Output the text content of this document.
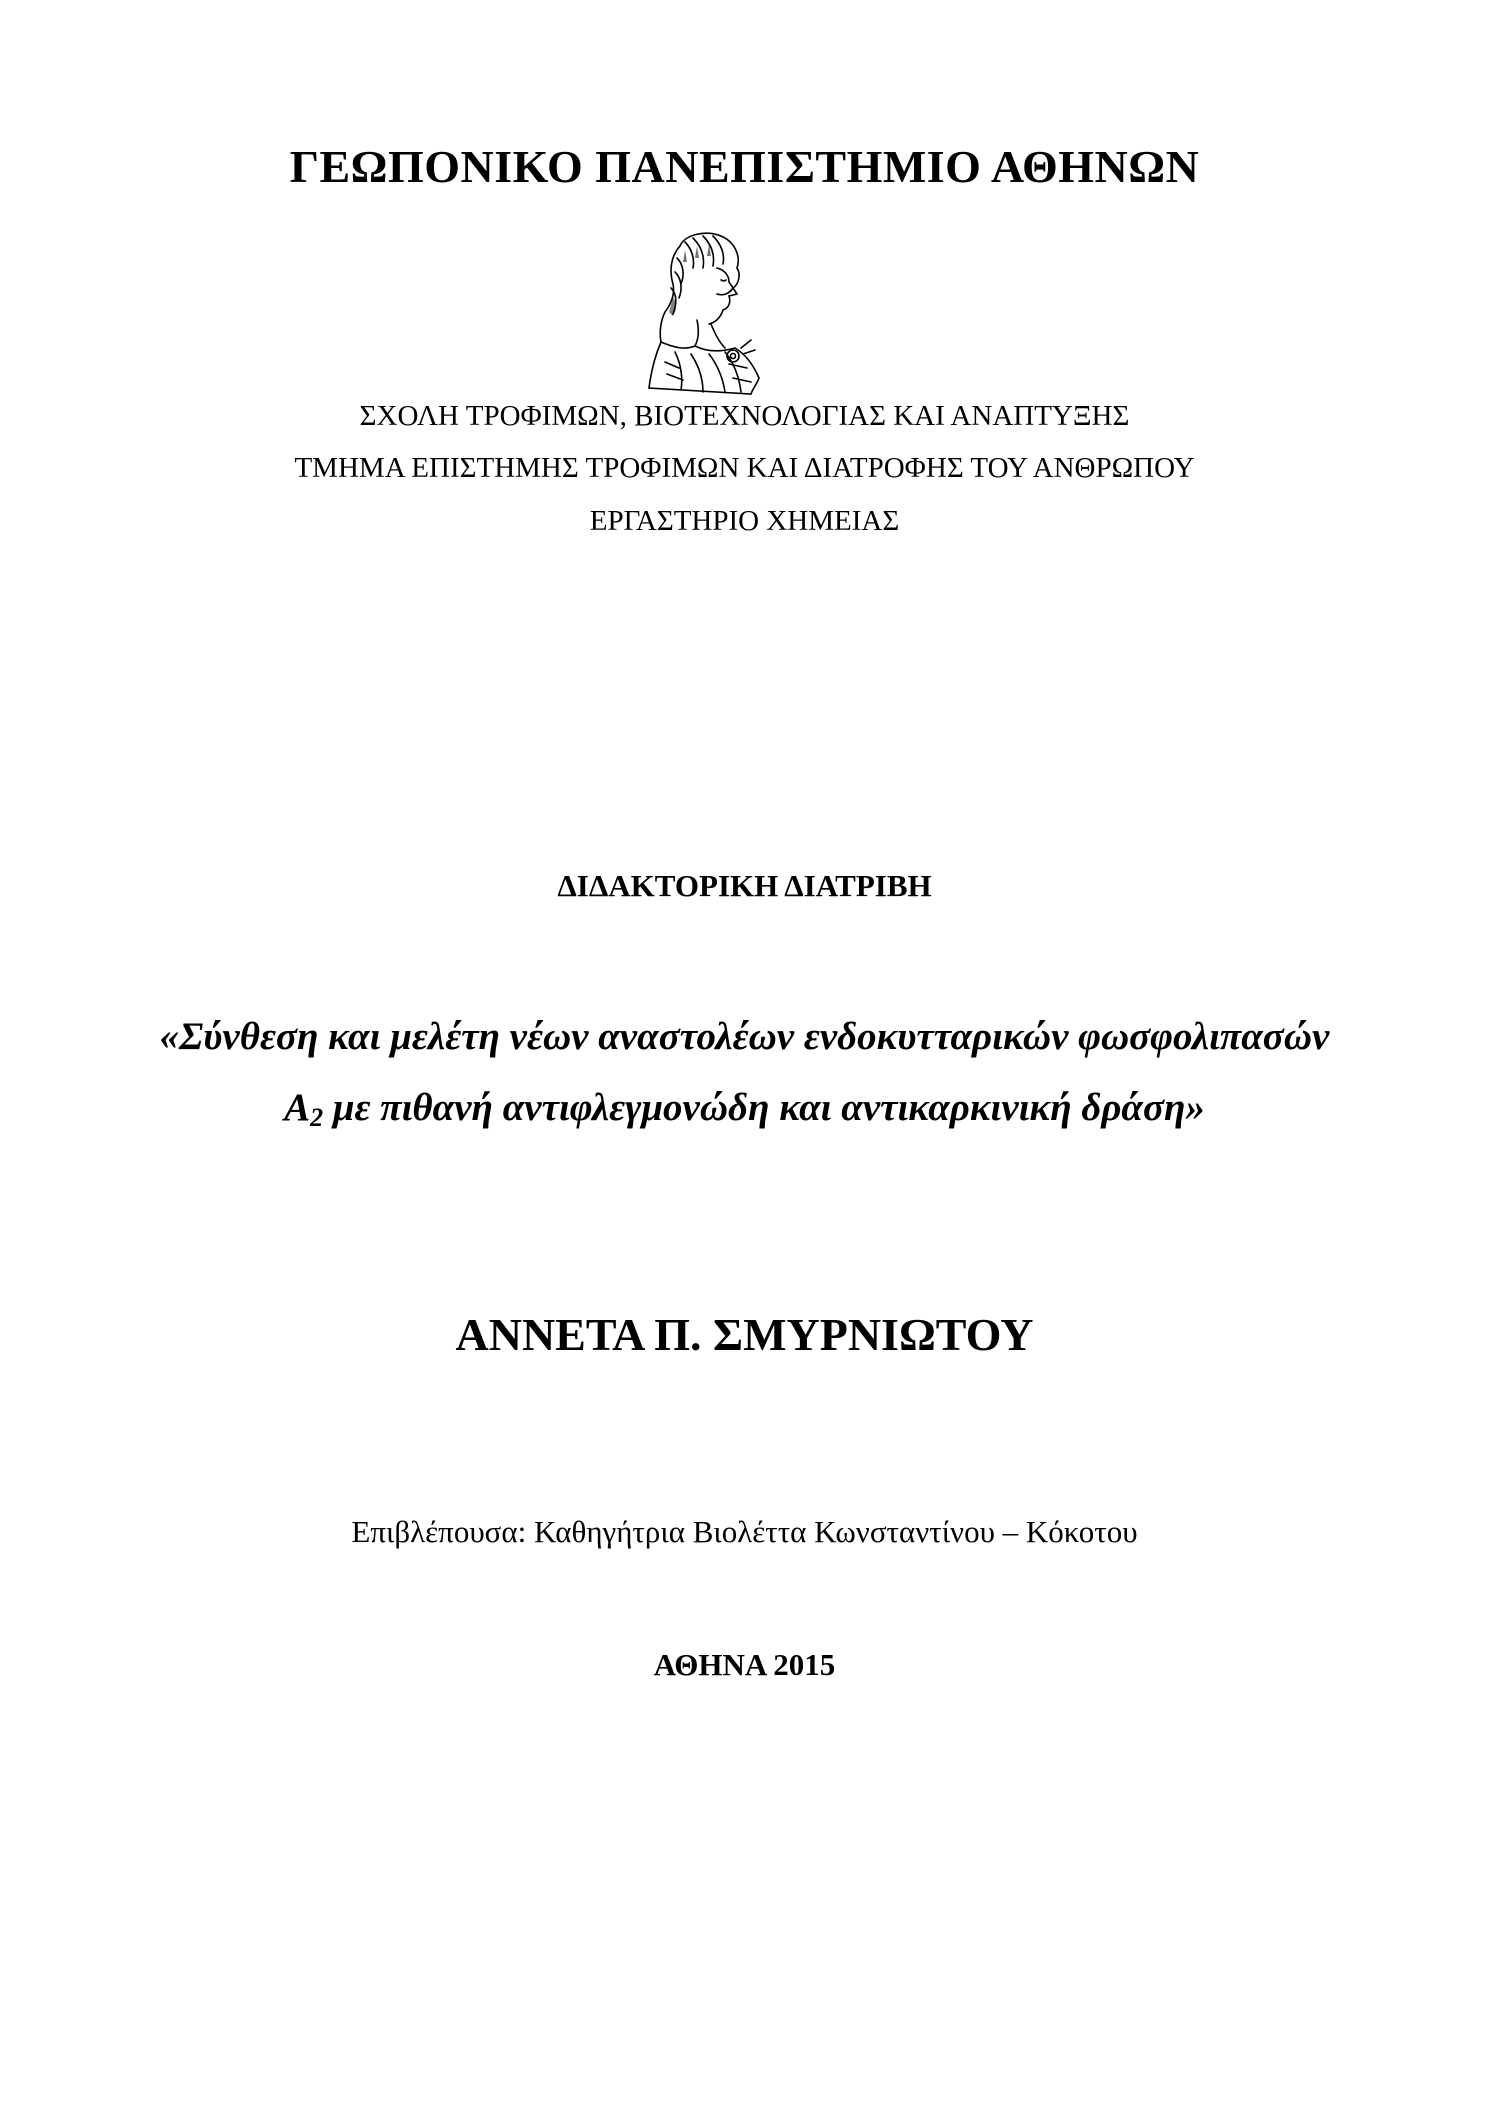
ΓΕΩΠΟΝΙΚΟ ΠΑΝΕΠΙΣΤΗΜΙΟ ΑΘΗΝΩΝ
ΣΧΟΛΗ ΤΡΟΦΙΜΩΝ, ΒΙΟΤΕΧΝΟΛΟΓΙΑΣ ΚΑΙ ΑΝΑΠΤΥΞΗΣ
ΤΜΗΜΑ ΕΠΙΣΤΗΜΗΣ ΤΡΟΦΙΜΩΝ ΚΑΙ ΔΙΑΤΡΟΦΗΣ ΤΟΥ ΑΝΘΡΩΠΟΥ
ΕΡΓΑΣΤΗΡΙΟ ΧΗΜΕΙΑΣ
ΔΙΔΑΚΤΟΡΙΚΗ ΔΙΑΤΡΙΒΗ
«Σύνθεση και μελέτη νέων αναστολέων ενδοκυτταρικών φωσφολιπασών
$A_2$ με πιθανή αντιφλεγμονώδη και αντικαρκινική δράση»
ΑΝΝΕΤΑ Π. ΣΜΥΡΝΙΩΤΟΥ
Επιβλέπουσα: Καθηγήτρια Βιολέττα Κωνσταντίνου – Κόκοτου
ΑΘΗΝΑ 2015
